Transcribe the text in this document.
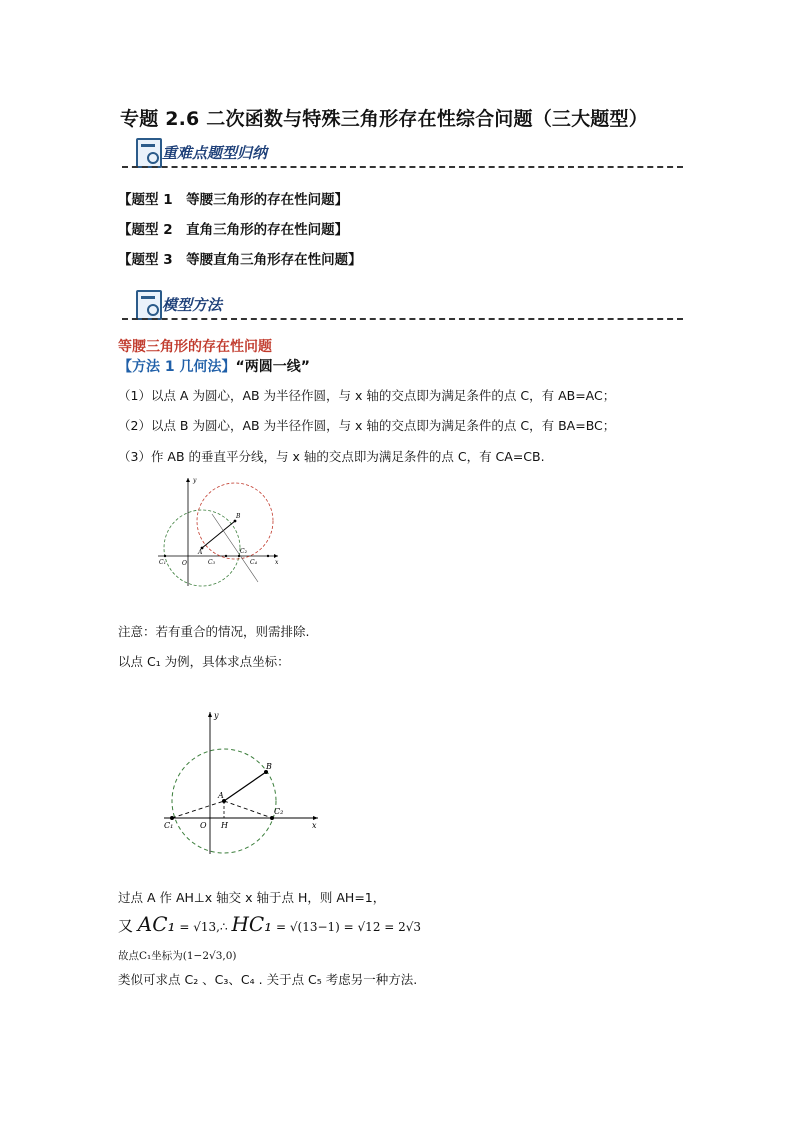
专题 2.6 二次函数与特殊三角形存在性综合问题（三大题型）
重难点题型归纳
【题型 1　等腰三角形的存在性问题】
【题型 2　直角三角形的存在性问题】
【题型 3　等腰直角三角形存在性问题】
模型方法
等腰三角形的存在性问题
【方法 1 几何法】“两圆一线”
（1）以点 A 为圆心，AB 为半径作圆，与 x 轴的交点即为满足条件的点 C，有 AB=AC；
（2）以点 B 为圆心，AB 为半径作圆，与 x 轴的交点即为满足条件的点 C，有 BA=BC；
（3）作 AB 的垂直平分线，与 x 轴的交点即为满足条件的点 C，有 CA=CB.
y
x
O
A
B
C₁
C₂
C₃	C₄
注意：若有重合的情况，则需排除.
以点 C₁ 为例，具体求点坐标：
y
x
O
A
B
H
C₁
C₂
过点 A 作 AH⊥x 轴交 x 轴于点 H，则 AH=1，
又 AC₁ = √13,∴ HC₁ = √(13−1) = √12 = 2√3
故点C₁坐标为(1−2√3,0)
类似可求点 C₂ 、C₃、C₄ . 关于点 C₅ 考虑另一种方法.
